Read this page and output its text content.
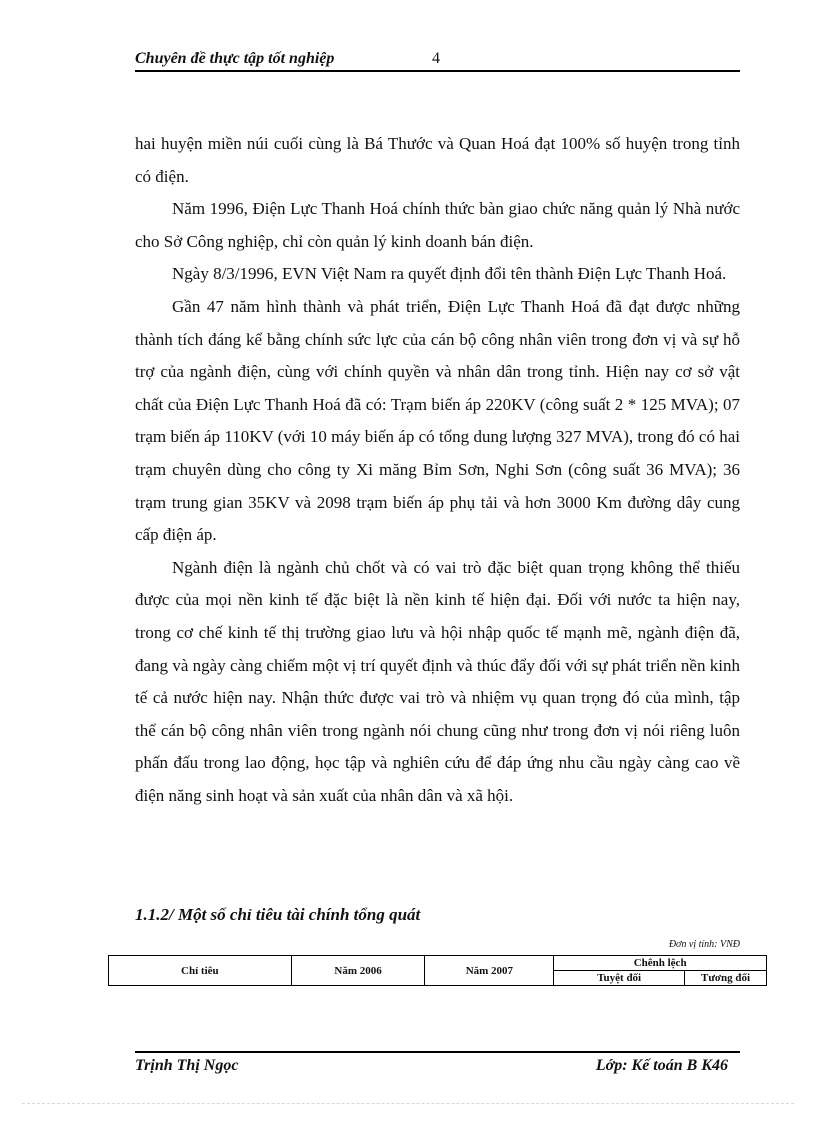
Chuyên đề thực tập tốt nghiệp	4

hai huyện miền núi cuối cùng là Bá Thước và Quan Hoá đạt 100% số huyện trong tỉnh có điện.

Năm 1996, Điện Lực Thanh Hoá chính thức bàn giao chức năng quản lý Nhà nước cho Sở Công nghiệp, chỉ còn quản lý kinh doanh bán điện.

Ngày 8/3/1996, EVN Việt Nam ra quyết định đổi tên thành Điện Lực Thanh Hoá.

Gần 47 năm hình thành và phát triển, Điện Lực Thanh Hoá đã đạt được những thành tích đáng kể bằng chính sức lực của cán bộ công nhân viên trong đơn vị và sự hỗ trợ của ngành điện, cùng với chính quyền và nhân dân trong tỉnh. Hiện nay cơ sở vật chất của Điện Lực Thanh Hoá đã có: Trạm biến áp 220KV (công suất 2 * 125 MVA); 07 trạm biến áp 110KV (với 10 máy biến áp có tổng dung lượng 327 MVA), trong đó có hai trạm chuyên dùng cho công ty Xi măng Bỉm Sơn, Nghi Sơn (công suất 36 MVA); 36 trạm trung gian 35KV và 2098 trạm biến áp phụ tải và hơn 3000 Km đường dây cung cấp điện áp.

Ngành điện là ngành chủ chốt và có vai trò đặc biệt quan trọng không thể thiếu được của mọi nền kinh tế đặc biệt là nền kinh tế hiện đại. Đối với nước ta hiện nay, trong cơ chế kinh tế thị trường giao lưu và hội nhập quốc tế mạnh mẽ, ngành điện đã, đang và ngày càng chiếm một vị trí quyết định và thúc đẩy đối với sự phát triển nền kinh tế cả nước hiện nay. Nhận thức được vai trò và nhiệm vụ quan trọng đó của mình, tập thể cán bộ công nhân viên trong ngành nói chung cũng như trong đơn vị nói riêng luôn phấn đấu trong lao động, học tập và nghiên cứu để đáp ứng nhu cầu ngày càng cao về điện năng sinh hoạt và sản xuất của nhân dân và xã hội.

1.1.2/ Một số chỉ tiêu tài chính tổng quát
Đơn vị tính: VNĐ
Chỉ tiêu	Năm 2006	Năm 2007	Chênh lệch	
			Tuyệt đối	Tương đối
Trịnh Thị Ngọc	Lớp: Kế toán B K46
